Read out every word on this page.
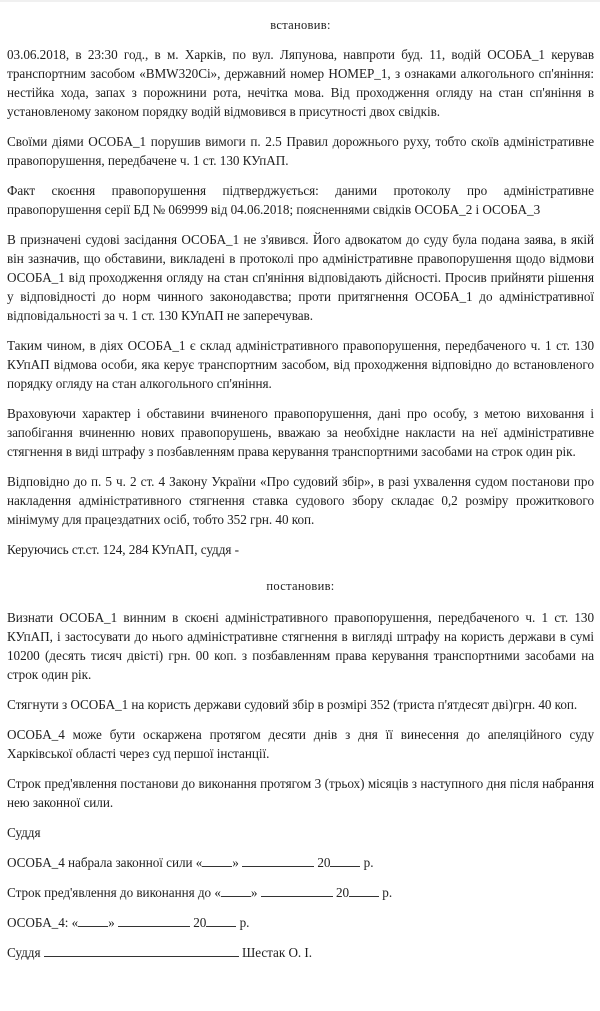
встановив:

03.06.2018, в 23:30 год., в м. Харків, по вул. Ляпунова, навпроти буд. 11, водій ОСОБА_1 керував транспортним засобом «BMW320Ci», державний номер НОМЕР_1, з ознаками алкогольного сп'яніння: нестійка хода, запах з порожнини рота, нечітка мова. Від проходження огляду на стан сп'яніння в установленому законом порядку водій відмовився в присутності двох свідків.

Своїми діями ОСОБА_1 порушив вимоги п. 2.5 Правил дорожнього руху, тобто скоїв адміністративне правопорушення, передбачене ч. 1 ст. 130 КУпАП.

Факт скоєння правопорушення підтверджується: даними протоколу про адміністративне правопорушення серії БД № 069999 від 04.06.2018; поясненнями свідків ОСОБА_2 і ОСОБА_3

В призначені судові засідання ОСОБА_1 не з'явився. Його адвокатом до суду була подана заява, в якій він зазначив, що обставини, викладені в протоколі про адміністративне правопорушення щодо відмови ОСОБА_1 від проходження огляду на стан сп'яніння відповідають дійсності. Просив прийняти рішення у відповідності до норм чинного законодавства; проти притягнення ОСОБА_1 до адміністративної відповідальності за ч. 1 ст. 130 КУпАП не заперечував.

Таким чином, в діях ОСОБА_1 є склад адміністративного правопорушення, передбаченого ч. 1 ст. 130 КУпАП відмова особи, яка керує транспортним засобом, від проходження відповідно до встановленого порядку огляду на стан алкогольного сп'яніння.

Враховуючи характер і обставини вчиненого правопорушення, дані про особу, з метою виховання і запобігання вчиненню нових правопорушень, вважаю за необхідне накласти на неї адміністративне стягнення в виді штрафу з позбавленням права керування транспортними засобами на строк один рік.

Відповідно до п. 5 ч. 2 ст. 4 Закону України «Про судовий збір», в разі ухвалення судом постанови про накладення адміністративного стягнення ставка судового збору складає 0,2 розміру прожиткового мінімуму для працездатних осіб, тобто 352 грн. 40 коп.

Керуючись ст.ст. 124, 284 КУпАП, суддя -

постановив:

Визнати ОСОБА_1 винним в скоєні адміністративного правопорушення, передбаченого ч. 1 ст. 130 КУпАП, і застосувати до нього адміністративне стягнення в вигляді штрафу на користь держави в сумі 10200 (десять тисяч двісті) грн. 00 коп. з позбавленням права керування транспортними засобами на строк один рік.

Стягнути з ОСОБА_1 на користь держави судовий збір в розмірі 352 (триста п'ятдесят дві)грн. 40 коп.

ОСОБА_4 може бути оскаржена протягом десяти днів з дня її винесення до апеляційного суду Харківської області через суд першої інстанції.

Строк пред'явлення постанови до виконання протягом 3 (трьох) місяців з наступного дня після набрання нею законної сили.

Суддя

ОСОБА_4 набрала законної сили « »	20	р.
Строк пред'явлення до виконання до « »	20	р.
ОСОБА_4: « »	20	р.
Суддя	Шестак О. І.
